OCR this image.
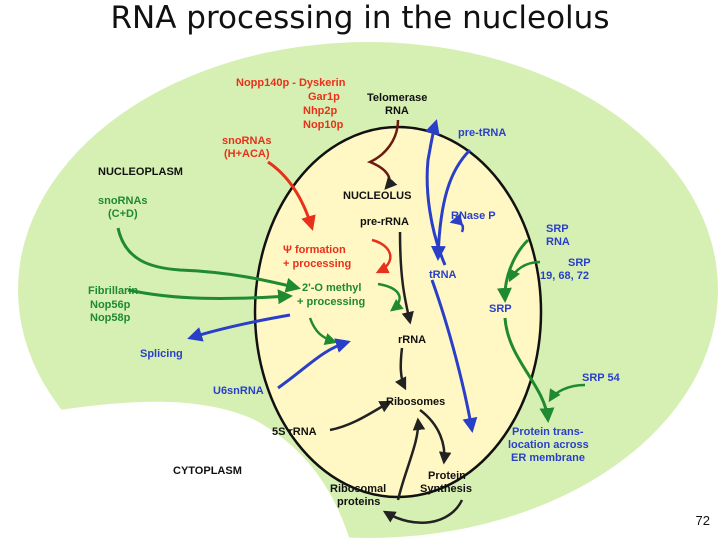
RNA processing in the nucleolus
NUCLEOPLASM
NUCLEOLUS
CYTOPLASM
Nopp140p - Dyskerin
Gar1p
Nhp2p
Nop10p
Telomerase
RNA
snoRNAs
(H+ACA)
pre-tRNA
snoRNAs
(C+D)
pre-rRNA	RNase P
SRP
RNA
Ψ formation
+ processing
tRNA
SRP
19, 68, 72
Fibrillarin
Nop56p
Nop58p
2'-O methyl
+ processing
SRP
rRNA
Splicing
SRP 54
U6snRNA
Ribosomes
5S rRNA	Protein trans-
location across
ER membrane
Protein
Synthesis
Ribosomal
proteins
72
